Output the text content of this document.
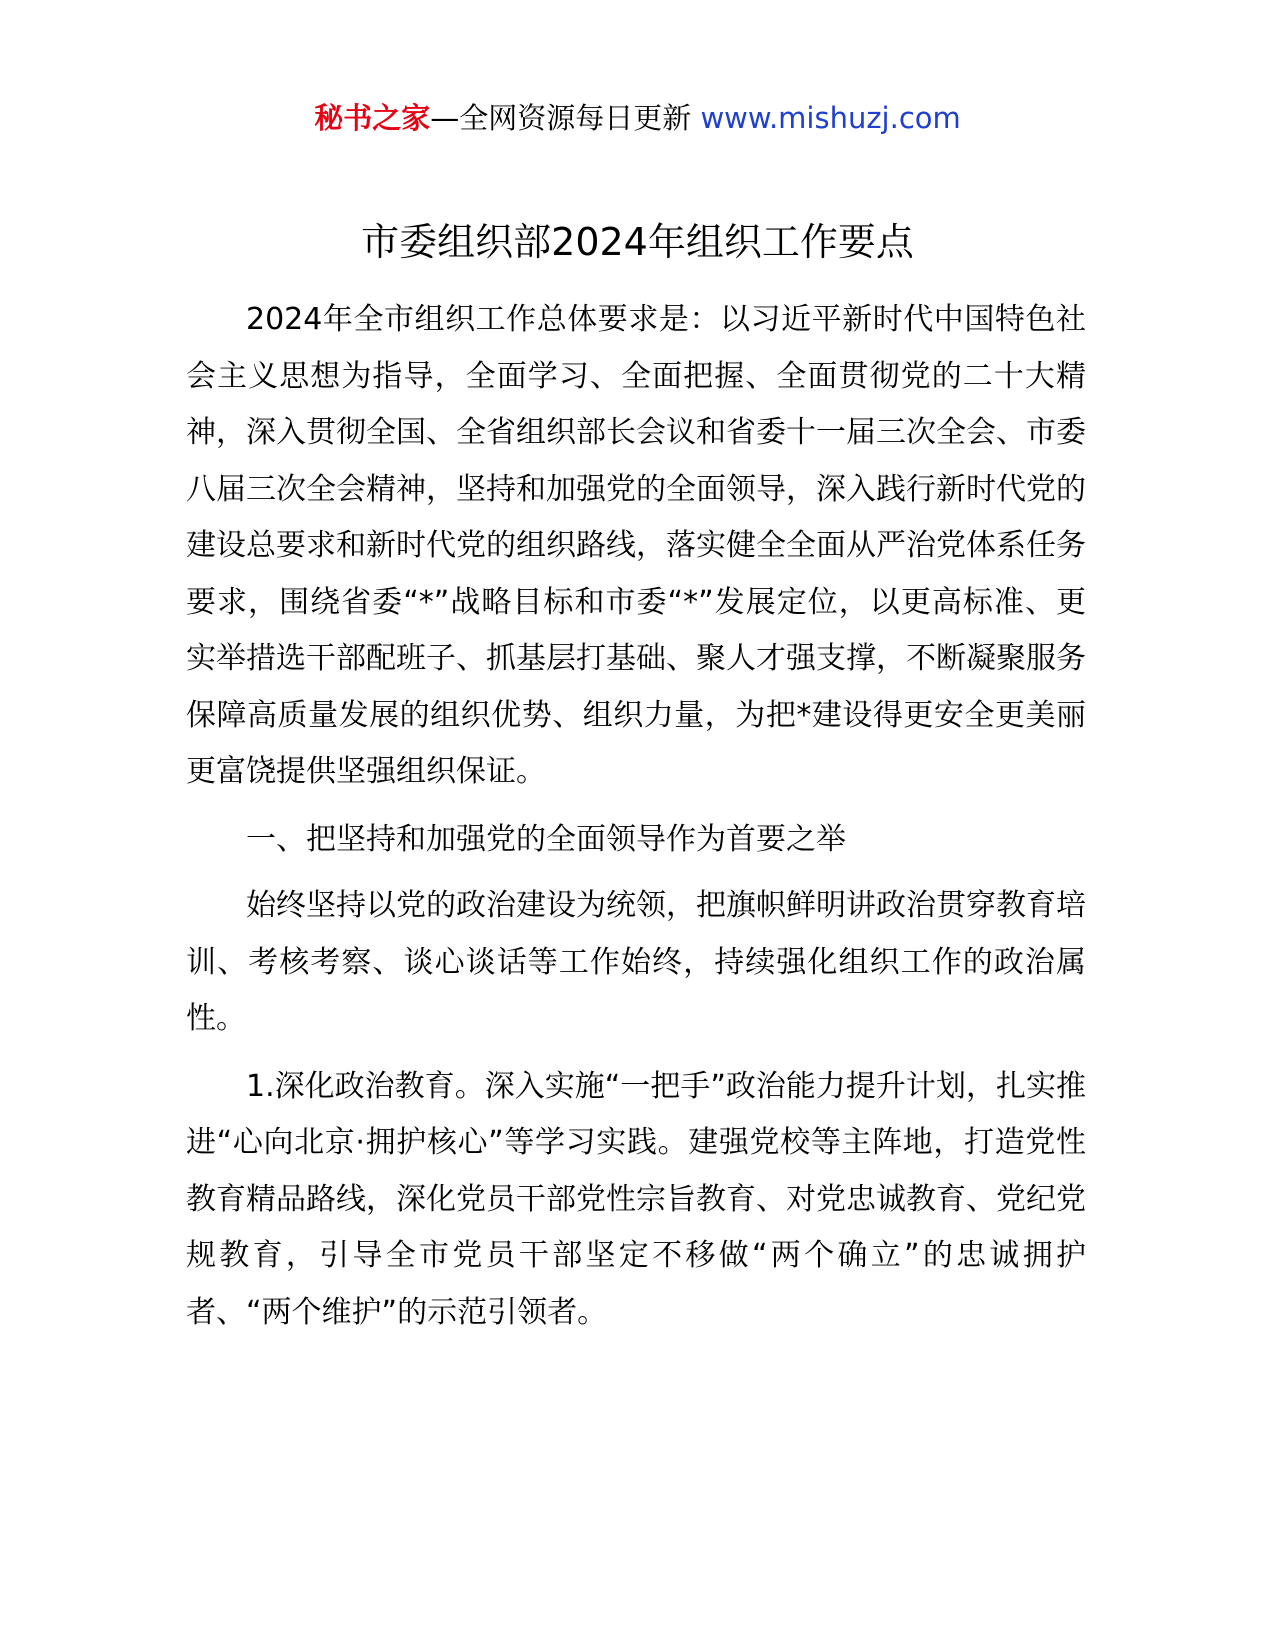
秘书之家—全网资源每日更新 www.mishuzj.com
市委组织部2024年组织工作要点

2024年全市组织工作总体要求是：以习近平新时代中国特色社会主义思想为指导，全面学习、全面把握、全面贯彻党的二十大精神，深入贯彻全国、全省组织部长会议和省委十一届三次全会、市委八届三次全会精神，坚持和加强党的全面领导，深入践行新时代党的建设总要求和新时代党的组织路线，落实健全全面从严治党体系任务要求，围绕省委“*”战略目标和市委“*”发展定位，以更高标准、更实举措选干部配班子、抓基层打基础、聚人才强支撑，不断凝聚服务保障高质量发展的组织优势、组织力量，为把*建设得更安全更美丽更富饶提供坚强组织保证。

一、把坚持和加强党的全面领导作为首要之举

始终坚持以党的政治建设为统领，把旗帜鲜明讲政治贯穿教育培训、考核考察、谈心谈话等工作始终，持续强化组织工作的政治属性。

1.深化政治教育。深入实施“一把手”政治能力提升计划，扎实推进“心向北京·拥护核心”等学习实践。建强党校等主阵地，打造党性教育精品路线，深化党员干部党性宗旨教育、对党忠诚教育、党纪党规教育，引导全市党员干部坚定不移做“两个确立”的忠诚拥护者、“两个维护”的示范引领者。
